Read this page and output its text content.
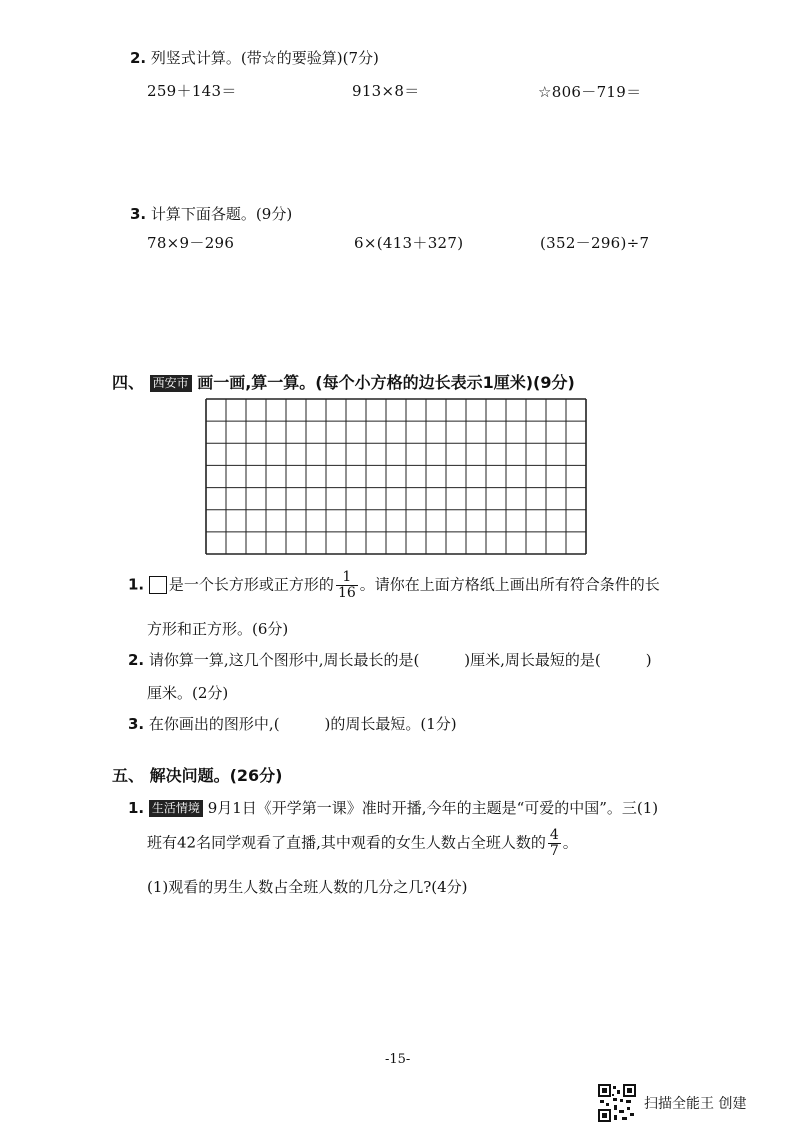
2. 列竖式计算。(带☆的要验算)(7分)
259＋143＝	913×8＝	☆806－719＝
3. 计算下面各题。(9分)
78×9－296	6×(413＋327)	(352－296)÷7
四、 西安市 画一画,算一算。(每个小方格的边长表示1厘米)(9分)
1. 是一个长方形或正方形的 $\frac{1}{16}$ 。请你在上面方格纸上画出所有符合条件的长
方形和正方形。(6分)
2. 请你算一算,这几个图形中,周长最长的是(　　　)厘米,周长最短的是(　　　)
厘米。(2分)
3. 在你画出的图形中,(　　　)的周长最短。(1分)
五、 解决问题。(26分)
1. 生活情境 9月1日《开学第一课》准时开播,今年的主题是“可爱的中国”。三(1)
班有42名同学观看了直播,其中观看的女生人数占全班人数的 $\frac{4}{7}$ 。
(1)观看的男生人数占全班人数的几分之几?(4分)
-15-
扫描全能王 创建
